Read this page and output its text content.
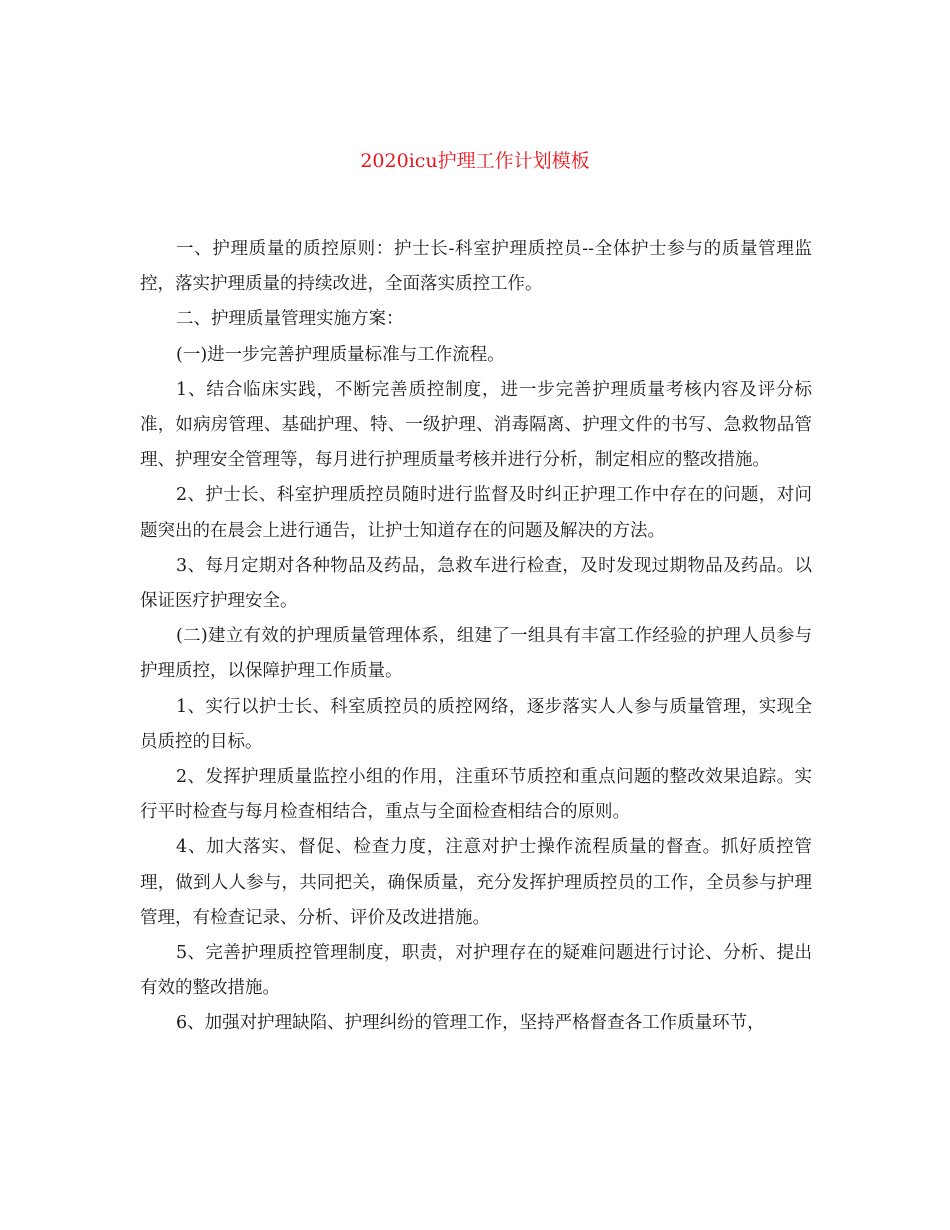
2020icu护理工作计划模板

一、护理质量的质控原则：护士长-科室护理质控员--全体护士参与的质量管理监控，落实护理质量的持续改进，全面落实质控工作。

二、护理质量管理实施方案：

(一)进一步完善护理质量标准与工作流程。

1、结合临床实践，不断完善质控制度，进一步完善护理质量考核内容及评分标准，如病房管理、基础护理、特、一级护理、消毒隔离、护理文件的书写、急救物品管理、护理安全管理等，每月进行护理质量考核并进行分析，制定相应的整改措施。

2、护士长、科室护理质控员随时进行监督及时纠正护理工作中存在的问题，对问题突出的在晨会上进行通告，让护士知道存在的问题及解决的方法。

3、每月定期对各种物品及药品，急救车进行检查，及时发现过期物品及药品。以保证医疗护理安全。

(二)建立有效的护理质量管理体系，组建了一组具有丰富工作经验的护理人员参与护理质控，以保障护理工作质量。

1、实行以护士长、科室质控员的质控网络，逐步落实人人参与质量管理，实现全员质控的目标。

2、发挥护理质量监控小组的作用，注重环节质控和重点问题的整改效果追踪。实行平时检查与每月检查相结合，重点与全面检查相结合的原则。

4、加大落实、督促、检查力度，注意对护士操作流程质量的督查。抓好质控管理，做到人人参与，共同把关，确保质量，充分发挥护理质控员的工作，全员参与护理管理，有检查记录、分析、评价及改进措施。

5、完善护理质控管理制度，职责，对护理存在的疑难问题进行讨论、分析、提出有效的整改措施。

6、加强对护理缺陷、护理纠纷的管理工作，坚持严格督查各工作质量环节，
